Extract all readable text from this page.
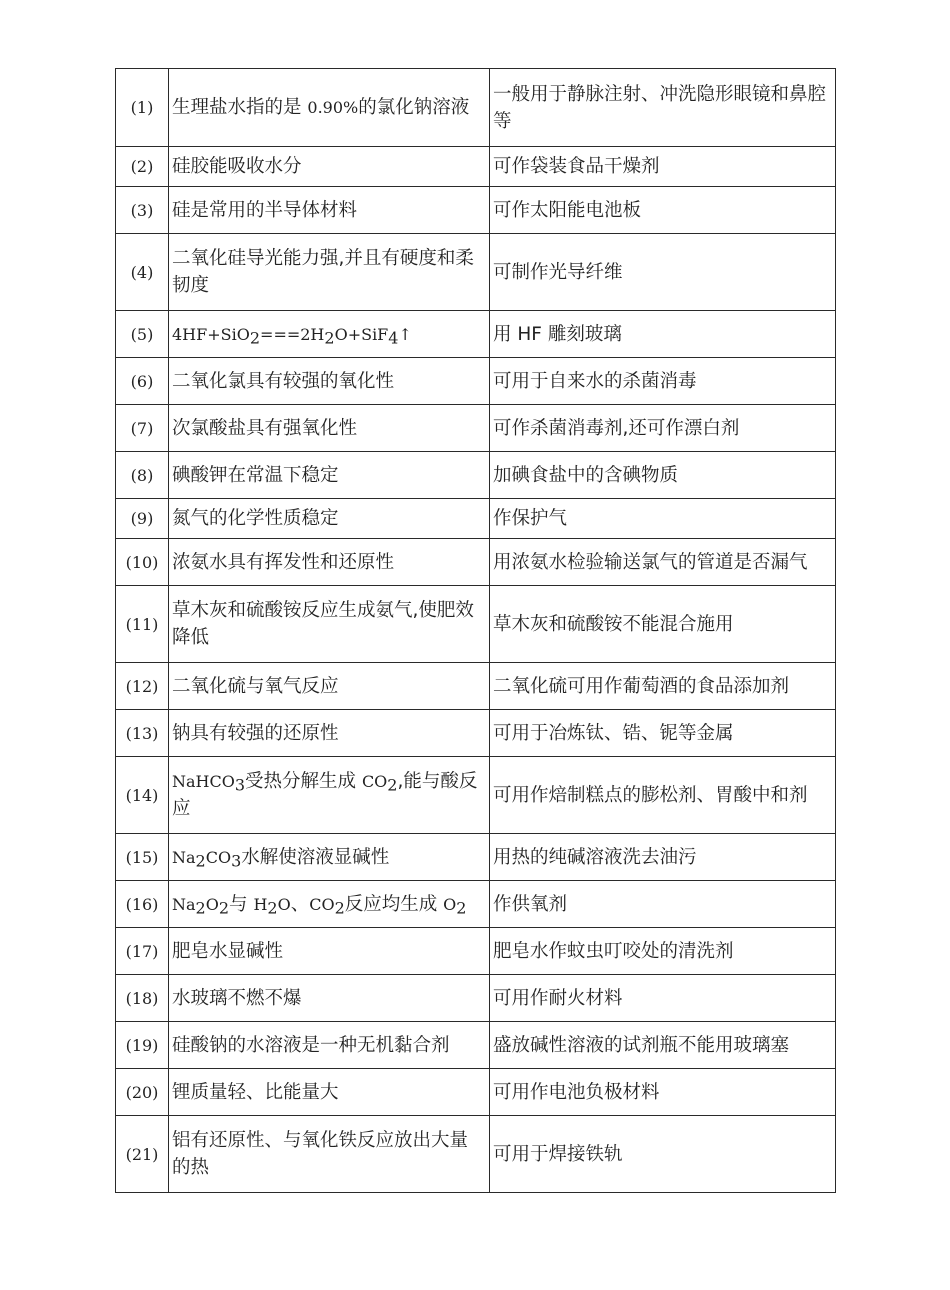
(1)	生理盐水指的是 0.90%的氯化钠溶液	一般用于静脉注射、冲洗隐形眼镜和鼻腔等
(2)	硅胶能吸收水分	可作袋装食品干燥剂
(3)	硅是常用的半导体材料	可作太阳能电池板
(4)	二氧化硅导光能力强,并且有硬度和柔韧度	可制作光导纤维
(5)	4HF+SiO2===2H2O+SiF4↑	用 HF 雕刻玻璃
(6)	二氧化氯具有较强的氧化性	可用于自来水的杀菌消毒
(7)	次氯酸盐具有强氧化性	可作杀菌消毒剂,还可作漂白剂
(8)	碘酸钾在常温下稳定	加碘食盐中的含碘物质
(9)	氮气的化学性质稳定	作保护气
(10)	浓氨水具有挥发性和还原性	用浓氨水检验输送氯气的管道是否漏气
(11)	草木灰和硫酸铵反应生成氨气,使肥效降低	草木灰和硫酸铵不能混合施用
(12)	二氧化硫与氧气反应	二氧化硫可用作葡萄酒的食品添加剂
(13)	钠具有较强的还原性	可用于冶炼钛、锆、铌等金属
(14)	NaHCO3受热分解生成 CO2,能与酸反应	可用作焙制糕点的膨松剂、胃酸中和剂
(15)	Na2CO3水解使溶液显碱性	用热的纯碱溶液洗去油污
(16)	Na2O2与 H2O、CO2反应均生成 O2	作供氧剂
(17)	肥皂水显碱性	肥皂水作蚊虫叮咬处的清洗剂
(18)	水玻璃不燃不爆	可用作耐火材料
(19)	硅酸钠的水溶液是一种无机黏合剂	盛放碱性溶液的试剂瓶不能用玻璃塞
(20)	锂质量轻、比能量大	可用作电池负极材料
(21)	铝有还原性、与氧化铁反应放出大量的热	可用于焊接铁轨
